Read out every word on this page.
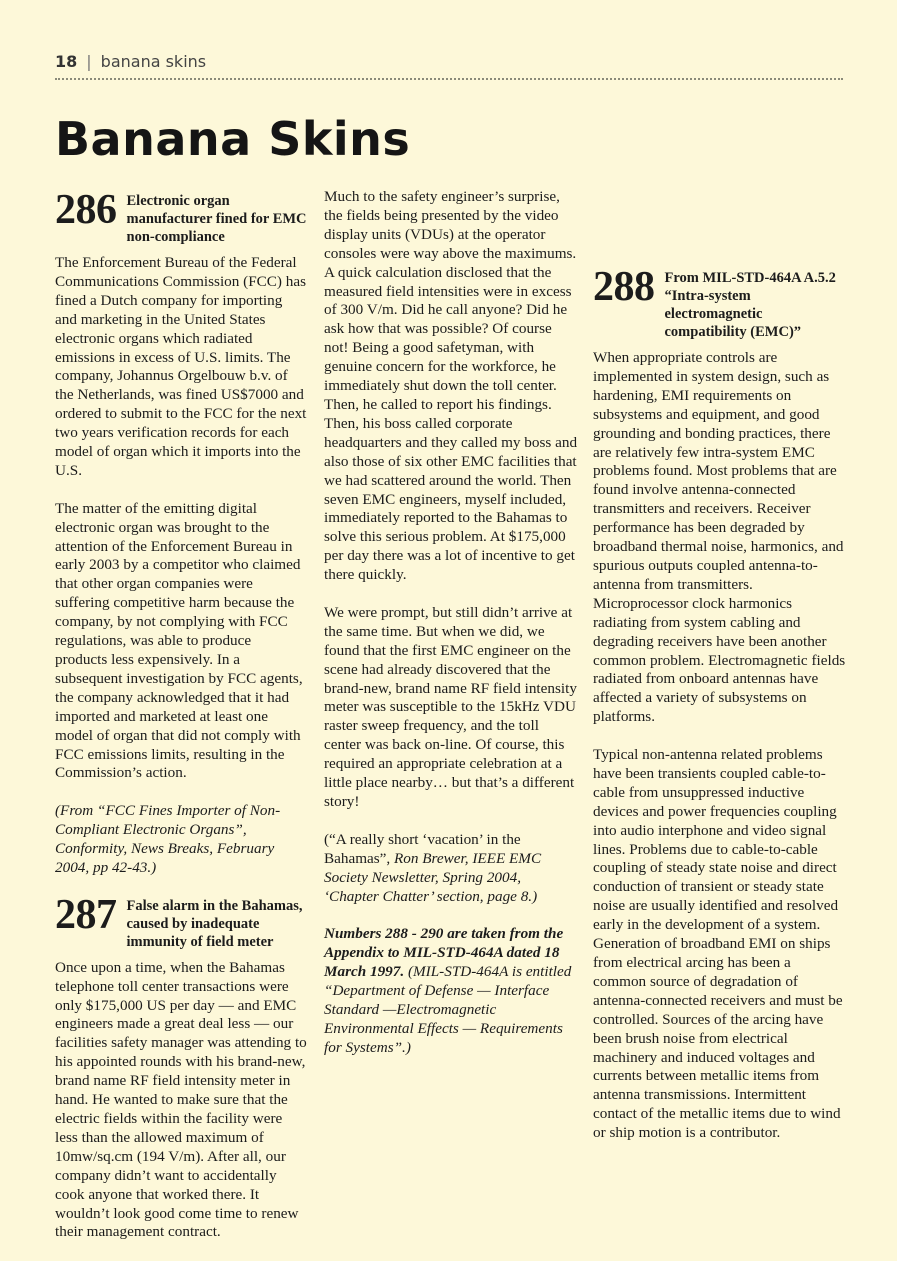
18 | banana skins
Banana Skins
286 Electronic organ manufacturer fined for EMC non-compliance

The Enforcement Bureau of the Federal Communications Commission (FCC) has fined a Dutch company for importing and marketing in the United States electronic organs which radiated emissions in excess of U.S. limits. The company, Johannus Orgelbouw b.v. of the Netherlands, was fined US$7000 and ordered to submit to the FCC for the next two years verification records for each model of organ which it imports into the U.S.

The matter of the emitting digital electronic organ was brought to the attention of the Enforcement Bureau in early 2003 by a competitor who claimed that other organ companies were suffering competitive harm because the company, by not complying with FCC regulations, was able to produce products less expensively. In a subsequent investigation by FCC agents, the company acknowledged that it had imported and marketed at least one model of organ that did not comply with FCC emissions limits, resulting in the Commission’s action.

(From “FCC Fines Importer of Non-Compliant Electronic Organs”, Conformity, News Breaks, February 2004, pp 42-43.)

287 False alarm in the Bahamas, caused by inadequate immunity of field meter

Once upon a time, when the Bahamas telephone toll center transactions were only $175,000 US per day — and EMC engineers made a great deal less — our facilities safety manager was attending to his appointed rounds with his brand-new, brand name RF field intensity meter in hand. He wanted to make sure that the electric fields within the facility were less than the allowed maximum of 10mw/sq.cm (194 V/m). After all, our company didn’t want to accidentally cook anyone that worked there. It wouldn’t look good come time to renew their management contract.

Much to the safety engineer’s surprise, the fields being presented by the video display units (VDUs) at the operator consoles were way above the maximums. A quick calculation disclosed that the measured field intensities were in excess of 300 V/m. Did he call anyone? Did he ask how that was possible? Of course not! Being a good safetyman, with genuine concern for the workforce, he immediately shut down the toll center. Then, he called to report his findings. Then, his boss called corporate headquarters and they called my boss and also those of six other EMC facilities that we had scattered around the world. Then seven EMC engineers, myself included, immediately reported to the Bahamas to solve this serious problem. At $175,000 per day there was a lot of incentive to get there quickly.

We were prompt, but still didn’t arrive at the same time. But when we did, we found that the first EMC engineer on the scene had already discovered that the brand-new, brand name RF field intensity meter was susceptible to the 15kHz VDU raster sweep frequency, and the toll center was back on-line. Of course, this required an appropriate celebration at a little place nearby… but that’s a different story!

(“A really short ‘vacation’ in the Bahamas”, Ron Brewer, IEEE EMC Society Newsletter, Spring 2004, ‘Chapter Chatter’ section, page 8.)

Numbers 288 - 290 are taken from the Appendix to MIL-STD-464A dated 18 March 1997. (MIL-STD-464A is entitled “Department of Defense — Interface Standard —Electromagnetic Environmental Effects — Requirements for Systems”.)

288 From MIL-STD-464A A.5.2 “Intra-system electromagnetic compatibility (EMC)”

When appropriate controls are implemented in system design, such as hardening, EMI requirements on subsystems and equipment, and good grounding and bonding practices, there are relatively few intra-system EMC problems found. Most problems that are found involve antenna-connected transmitters and receivers. Receiver performance has been degraded by broadband thermal noise, harmonics, and spurious outputs coupled antenna-to-antenna from transmitters. Microprocessor clock harmonics radiating from system cabling and degrading receivers have been another common problem. Electromagnetic fields radiated from onboard antennas have affected a variety of subsystems on platforms.

Typical non-antenna related problems have been transients coupled cable-to-cable from unsuppressed inductive devices and power frequencies coupling into audio interphone and video signal lines. Problems due to cable-to-cable coupling of steady state noise and direct conduction of transient or steady state noise are usually identified and resolved early in the development of a system. Generation of broadband EMI on ships from electrical arcing has been a common source of degradation of antenna-connected receivers and must be controlled. Sources of the arcing have been brush noise from electrical machinery and induced voltages and currents between metallic items from antenna transmissions. Intermittent contact of the metallic items due to wind or ship motion is a contributor.
